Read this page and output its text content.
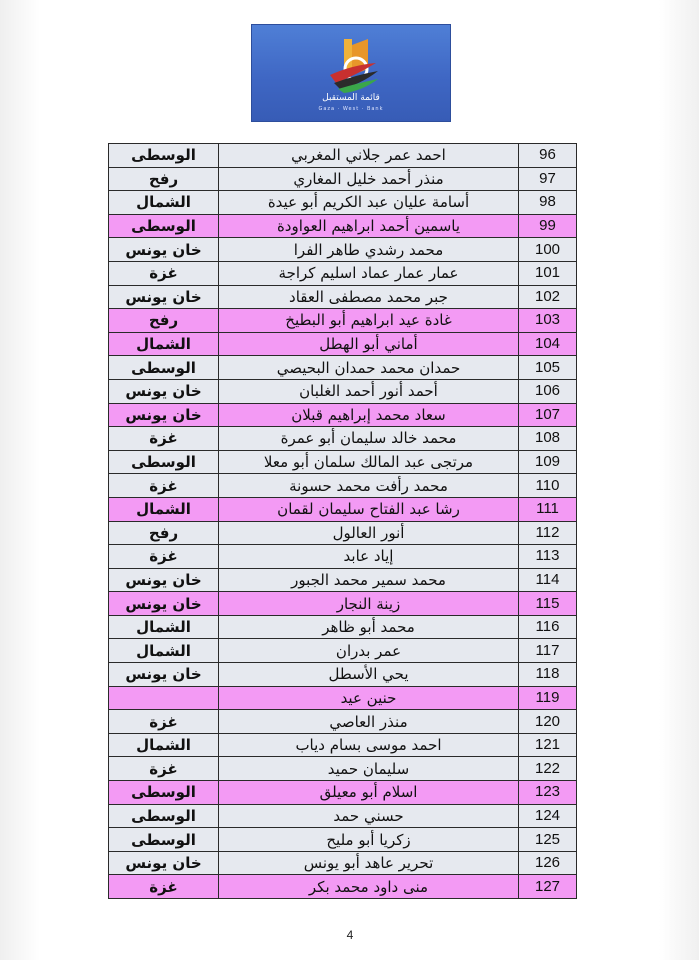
قائمة المستقبل
Gaza · West · Bank
الوسطى	احمد عمر جلاني المغربي	96
رفح	منذر أحمد خليل المغاري	97
الشمال	أسامة عليان عبد الكريم أبو عيدة	98
الوسطى	ياسمين أحمد ابراهيم العواودة	99
خان يونس	محمد رشدي طاهر الفرا	100
غزة	عمار عمار عماد اسليم كراجة	101
خان يونس	جبر محمد مصطفى العقاد	102
رفح	غادة عيد ابراهيم أبو البطيخ	103
الشمال	أماني أبو الهطل	104
الوسطى	حمدان محمد حمدان البحيصي	105
خان يونس	أحمد أنور أحمد الغلبان	106
خان يونس	سعاد محمد إبراهيم قبلان	107
غزة	محمد خالد سليمان أبو عمرة	108
الوسطى	مرتجى عبد المالك سلمان أبو معلا	109
غزة	محمد رأفت محمد حسونة	110
الشمال	رشا عبد الفتاح سليمان لقمان	111
رفح	أنور العالول	112
غزة	إياد عابد	113
خان يونس	محمد سمير محمد الجبور	114
خان يونس	زينة النجار	115
الشمال	محمد أبو ظاهر	116
الشمال	عمر بدران	117
خان يونس	يحي الأسطل	118
	حنين عيد	119
غزة	منذر العاصي	120
الشمال	احمد موسى بسام دياب	121
غزة	سليمان حميد	122
الوسطى	اسلام أبو معيلق	123
الوسطى	حسني حمد	124
الوسطى	زكريا أبو مليح	125
خان يونس	تحرير عاهد أبو يونس	126
غزة	منى داود محمد بكر	127
4
